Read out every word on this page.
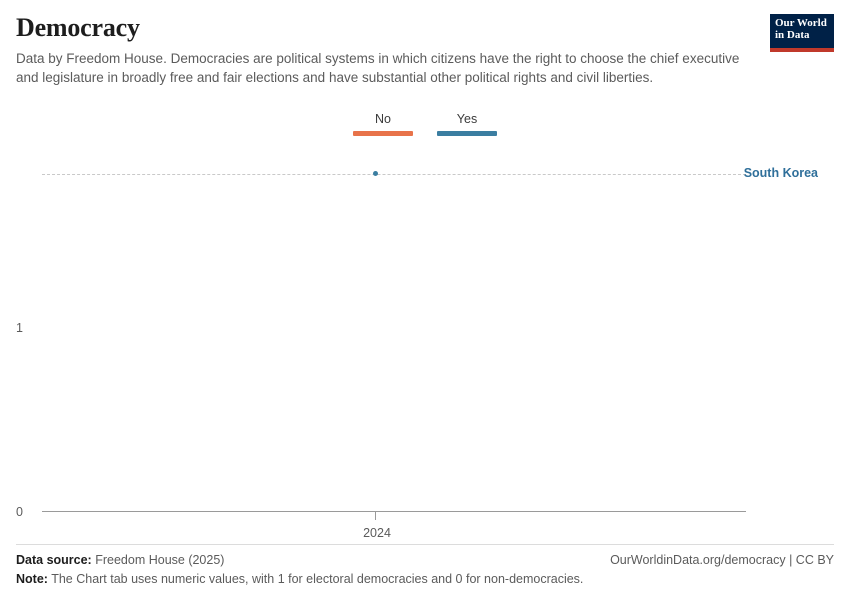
Democracy

Data by Freedom House. Democracies are political systems in which citizens have the right to choose the chief executive and legislature in broadly free and fair elections and have substantial other political rights and civil liberties.

Our World
in Data
No	Yes
1
0
2024
South Korea
Data source: Freedom House (2025)	OurWorldinData.org/democracy | CC BY
Note: The Chart tab uses numeric values, with 1 for electoral democracies and 0 for non-democracies.
